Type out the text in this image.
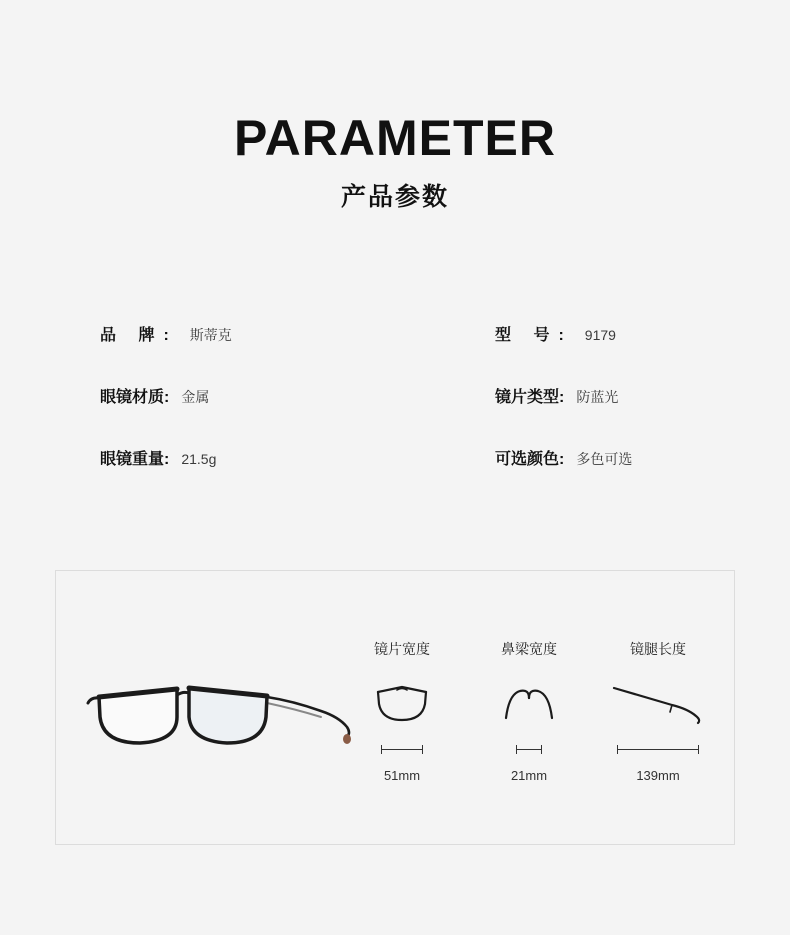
PARAMETER
产品参数
品 牌: 斯蒂克	型 号: 9179
眼镜材质: 金属	镜片类型: 防蓝光
眼镜重量: 21.5g	可选颜色: 多色可选
镜片宽度
51mm
鼻梁宽度
21mm
镜腿长度
139mm
